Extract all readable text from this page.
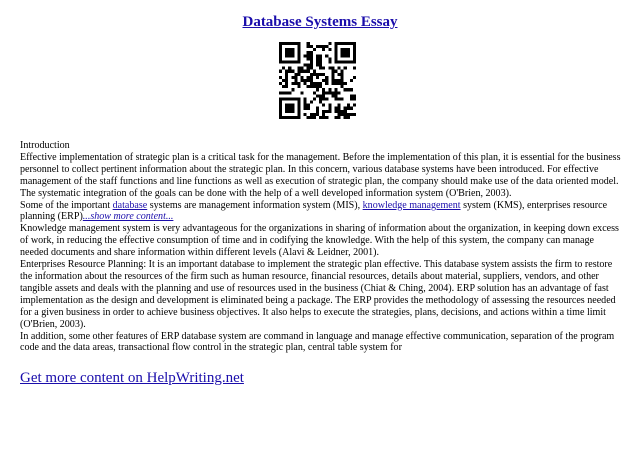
Database Systems Essay

Introduction

Effective implementation of strategic plan is a critical task for the management. Before the implementation of this plan, it is essential for the business personnel to collect pertinent information about the strategic plan. In this concern, various database systems have been introduced. For effective management of the staff functions and line functions as well as execution of strategic plan, the company should make use of the data oriented model. The systematic integration of the goals can be done with the help of a well developed information system (O'Brien, 2003).

Some of the important database systems are management information system (MIS), knowledge management system (KMS), enterprises resource planning (ERP)...show more content...

Knowledge management system is very advantageous for the organizations in sharing of information about the organization, in keeping down excess of work, in reducing the effective consumption of time and in codifying the knowledge. With the help of this system, the company can manage needed documents and share information within different levels (Alavi & Leidner, 2001).

Enterprises Resource Planning: It is an important database to implement the strategic plan effective. This database system assists the firm to restore the information about the resources of the firm such as human resource, financial resources, details about material, suppliers, vendors, and other tangible assets and deals with the planning and use of resources used in the business (Chiat & Ching, 2004). ERP solution has an advantage of fast implementation as the design and development is eliminated being a package. The ERP provides the methodology of assessing the resources needed for a given business in order to achieve business objectives. It also helps to execute the strategies, plans, decisions, and actions within a time limit (O'Brien, 2003).

In addition, some other features of ERP database system are command in language and manage effective communication, separation of the program code and the data areas, transactional flow control in the strategic plan, central table system for

Get more content on HelpWriting.net
